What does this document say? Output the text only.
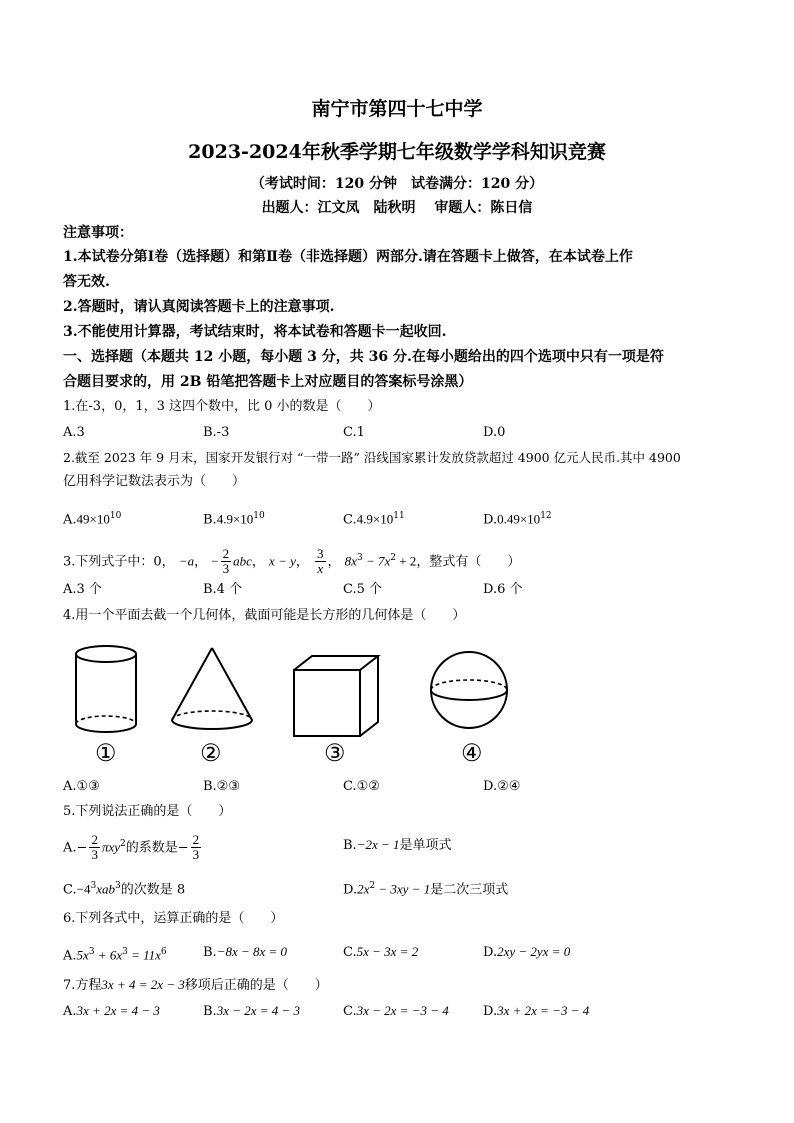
南宁市第四十七中学
2023-2024年秋季学期七年级数学学科知识竞赛
（考试时间：120 分钟　试卷满分：120 分）
出题人：江文凤　陆秋明　 审题人：陈日信
注意事项：
1.本试卷分第Ⅰ卷（选择题）和第Ⅱ卷（非选择题）两部分.请在答题卡上做答，在本试卷上作
答无效.
2.答题时，请认真阅读答题卡上的注意事项.
3.不能使用计算器，考试结束时，将本试卷和答题卡一起收回.
一、选择题（本题共 12 小题，每小题 3 分，共 36 分.在每小题给出的四个选项中只有一项是符
合题目要求的，用 2B 铅笔把答题卡上对应题目的答案标号涂黑）
1.在-3，0，1，3 这四个数中，比 0 小的数是（　　）
A.3	B.-3	C.1	D.0
2.截至 2023 年 9 月末，国家开发银行对 “一带一路” 沿线国家累计发放贷款超过 4900 亿元人民币.其中 4900
亿用科学记数法表示为（　　）
$A.49\times 10^{10}$	$B.4.9\times 10^{10}$	$C.4.9\times 10^{11}$	$D.0.49\times 10^{12}$
3.下列式子中：0， −a， − $\frac{2}{3}$ abc， x − y， $\frac{3}{x}$ ， $8x^3 - 7x^2 + 2$，整式有（　　）
A.3 个	B.4 个	C.5 个	D.6 个
4.用一个平面去截一个几何体，截面可能是长方形的几何体是（　　）
①	②	③	④
A.①③	B.②③	C.①②	D.②④
5.下列说法正确的是（　　）
$A.- \frac{2}{3} \pi xy^2$的系数是− $\frac{2}{3}$	B.−2x − 1是单项式
$C.-4^3xab^3$的次数是 8	$D.2x^2 - 3xy - 1$是二次三项式
6.下列各式中，运算正确的是（　　）
$A.5x^3 + 6x^3 = 11x^6$	B.−8x − 8x = 0	C.5x − 3x = 2	D.2xy − 2yx = 0
7.方程3x + 4 = 2x − 3移项后正确的是（　　）
A.3x + 2x = 4 − 3	B.3x − 2x = 4 − 3	C.3x − 2x = −3 − 4	D.3x + 2x = −3 − 4
